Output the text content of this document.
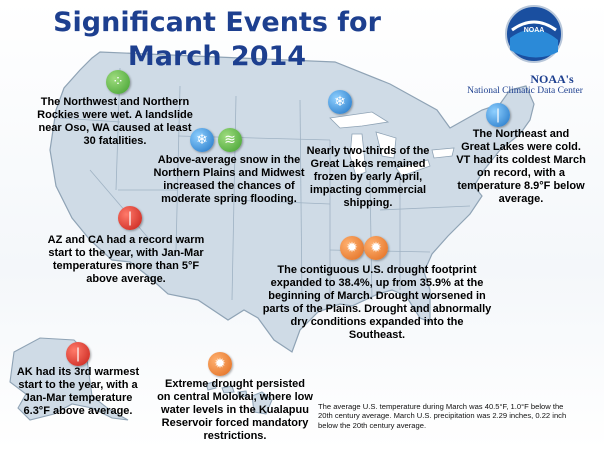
Significant Events for
March 2014
NOAA's
National Climatic Data Center
NOAA
⁘
❄	≋
❄
❘
❘
✹ ✹
❘
✹
The Northwest and Northern
Rockies were wet. A landslide
near Oso, WA caused at least
30 fatalities.
Above-average snow in the
Northern Plains and Midwest
increased the chances of
moderate spring flooding.
Nearly two-thirds of the
Great Lakes remained
frozen by early April,
impacting commercial
shipping.
The Northeast and
Great Lakes were cold.
VT had its coldest March
on record, with a
temperature 8.9°F below
average.
AZ and CA had a record warm
start to the year, with Jan-Mar
temperatures more than 5°F
above average.
The contiguous U.S. drought footprint
expanded to 38.4%, up from 35.9% at the
beginning of March. Drought worsened in
parts of the Plains. Drought and abnormally
dry conditions expanded into the Southeast.
AK had its 3rd warmest
start to the year, with a
Jan-Mar temperature
6.3°F above average.
Extreme drought persisted
on central Molokai, where low
water levels in the Kualapuu
Reservoir forced mandatory
restrictions.
The average U.S. temperature during March was 40.5°F, 1.0°F below the
20th century average. March U.S. precipitation was 2.29 inches, 0.22 inch
below the 20th century average.
